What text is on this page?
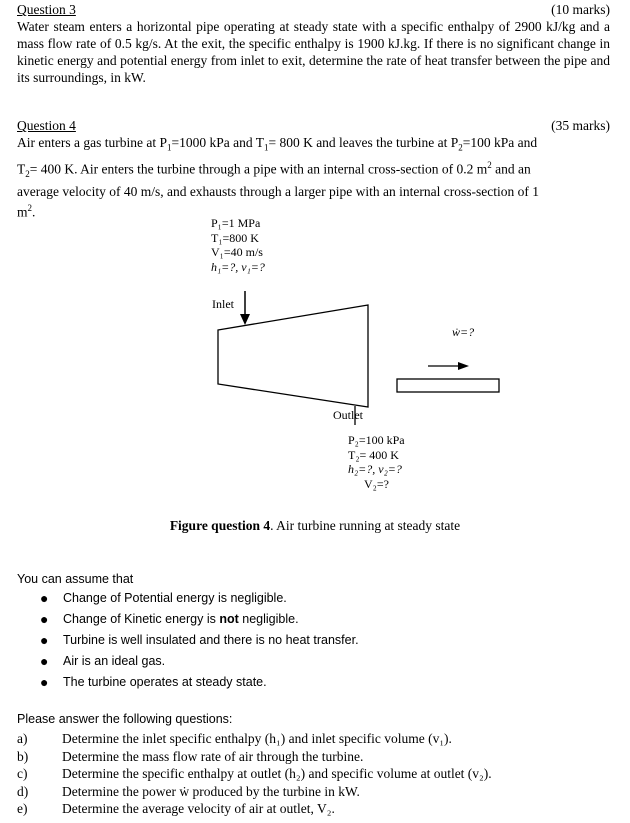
Question 3	(10 marks)
Water steam enters a horizontal pipe operating at steady state with a specific enthalpy of 2900 kJ/kg and a mass flow rate of 0.5 kg/s. At the exit, the specific enthalpy is 1900 kJ.kg. If there is no significant change in kinetic energy and potential energy from inlet to exit, determine the rate of heat transfer between the pipe and its surroundings, in kW.
Question 4	(35 marks)
Air enters a gas turbine at $P_1=1000$ kPa and $T_1= 800$ K and leaves the turbine at $P_2=100$ kPa and
$T_2= 400$ K. Air enters the turbine through a pipe with an internal cross-section of 0.2 $m^2$ and an
average velocity of 40 m/s, and exhausts through a larger pipe with an internal cross-section of 1
$m^2$.
P₁=1 MPa
T₁=800 K
V₁=40 m/s
h₁=?, v₁=?
Inlet
ẇ=?
Outlet
P₂=100 kPa
T₂= 400 K
h₂=?, v₂=?
V₂=?
Figure question 4. Air turbine running at steady state
You can assume that
● Change of Potential energy is negligible.
● Change of Kinetic energy is not negligible.
● Turbine is well insulated and there is no heat transfer.
● Air is an ideal gas.
● The turbine operates at steady state.
Please answer the following questions:
a)	Determine the inlet specific enthalpy (h₁) and inlet specific volume (v₁).
b)	Determine the mass flow rate of air through the turbine.
c)	Determine the specific enthalpy at outlet (h₂) and specific volume at outlet (v₂).
d)	Determine the power ẇ produced by the turbine in kW.
e)	Determine the average velocity of air at outlet, V₂.
